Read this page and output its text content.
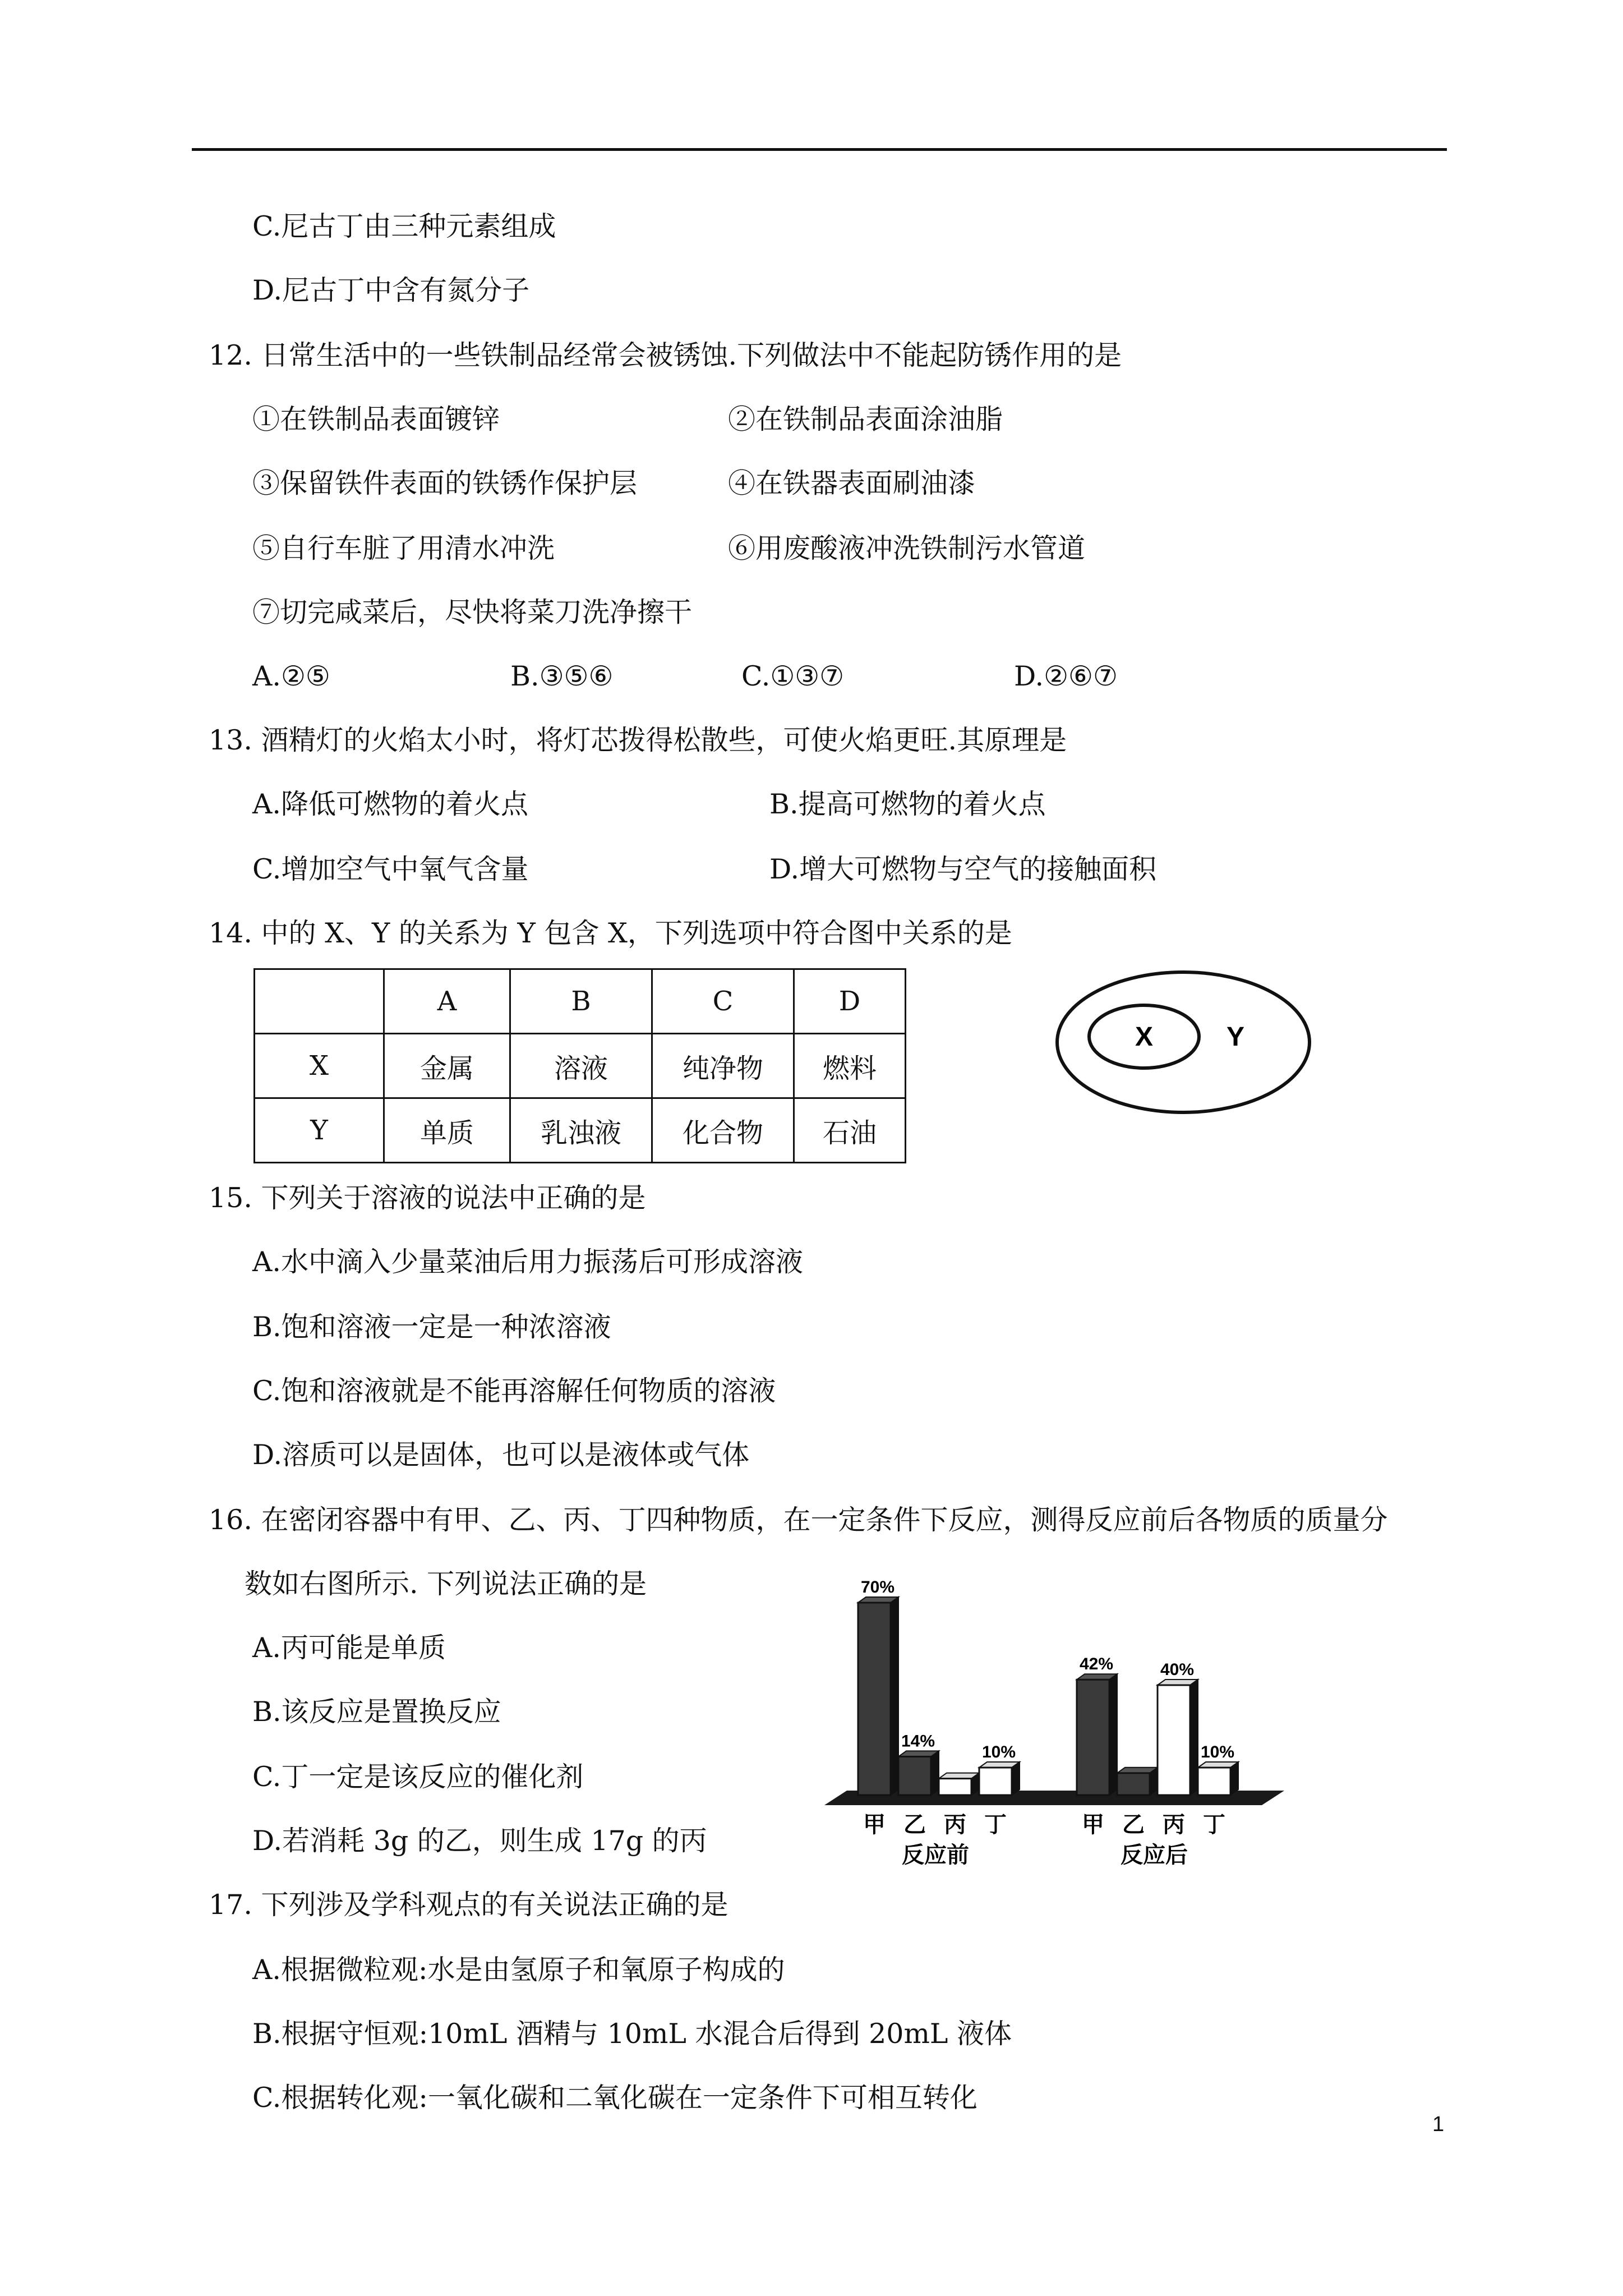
C.尼古丁由三种元素组成
D.尼古丁中含有氮分子
12. 日常生活中的一些铁制品经常会被锈蚀.下列做法中不能起防锈作用的是
①在铁制品表面镀锌	②在铁制品表面涂油脂
③保留铁件表面的铁锈作保护层	④在铁器表面刷油漆
⑤自行车脏了用清水冲洗	⑥用废酸液冲洗铁制污水管道
⑦切完咸菜后，尽快将菜刀洗净擦干
A.②⑤	B.③⑤⑥	C.①③⑦	D.②⑥⑦
13. 酒精灯的火焰太小时，将灯芯拨得松散些，可使火焰更旺.其原理是
A.降低可燃物的着火点	B.提高可燃物的着火点
C.增加空气中氧气含量	D.增大可燃物与空气的接触面积
14. 中的 X、Y 的关系为 Y 包含 X，下列选项中符合图中关系的是
	A	B	C	D
X	金属	溶液	纯净物	燃料
Y	单质	乳浊液	化合物	石油
X	Y
15. 下列关于溶液的说法中正确的是
A.水中滴入少量菜油后用力振荡后可形成溶液
B.饱和溶液一定是一种浓溶液
C.饱和溶液就是不能再溶解任何物质的溶液
D.溶质可以是固体，也可以是液体或气体
16. 在密闭容器中有甲、乙、丙、丁四种物质，在一定条件下反应，测得反应前后各物质的质量分
数如右图所示. 下列说法正确的是
A.丙可能是单质
B.该反应是置换反应
C.丁一定是该反应的催化剂
D.若消耗 3g 的乙，则生成 17g 的丙
70%
甲
14%
乙 丙
10%
丁
反应前
42%
甲 乙
40%
丙
10%
丁
反应后
17. 下列涉及学科观点的有关说法正确的是
A.根据微粒观:水是由氢原子和氧原子构成的
B.根据守恒观:10mL 酒精与 10mL 水混合后得到 20mL 液体
C.根据转化观:一氧化碳和二氧化碳在一定条件下可相互转化
1
